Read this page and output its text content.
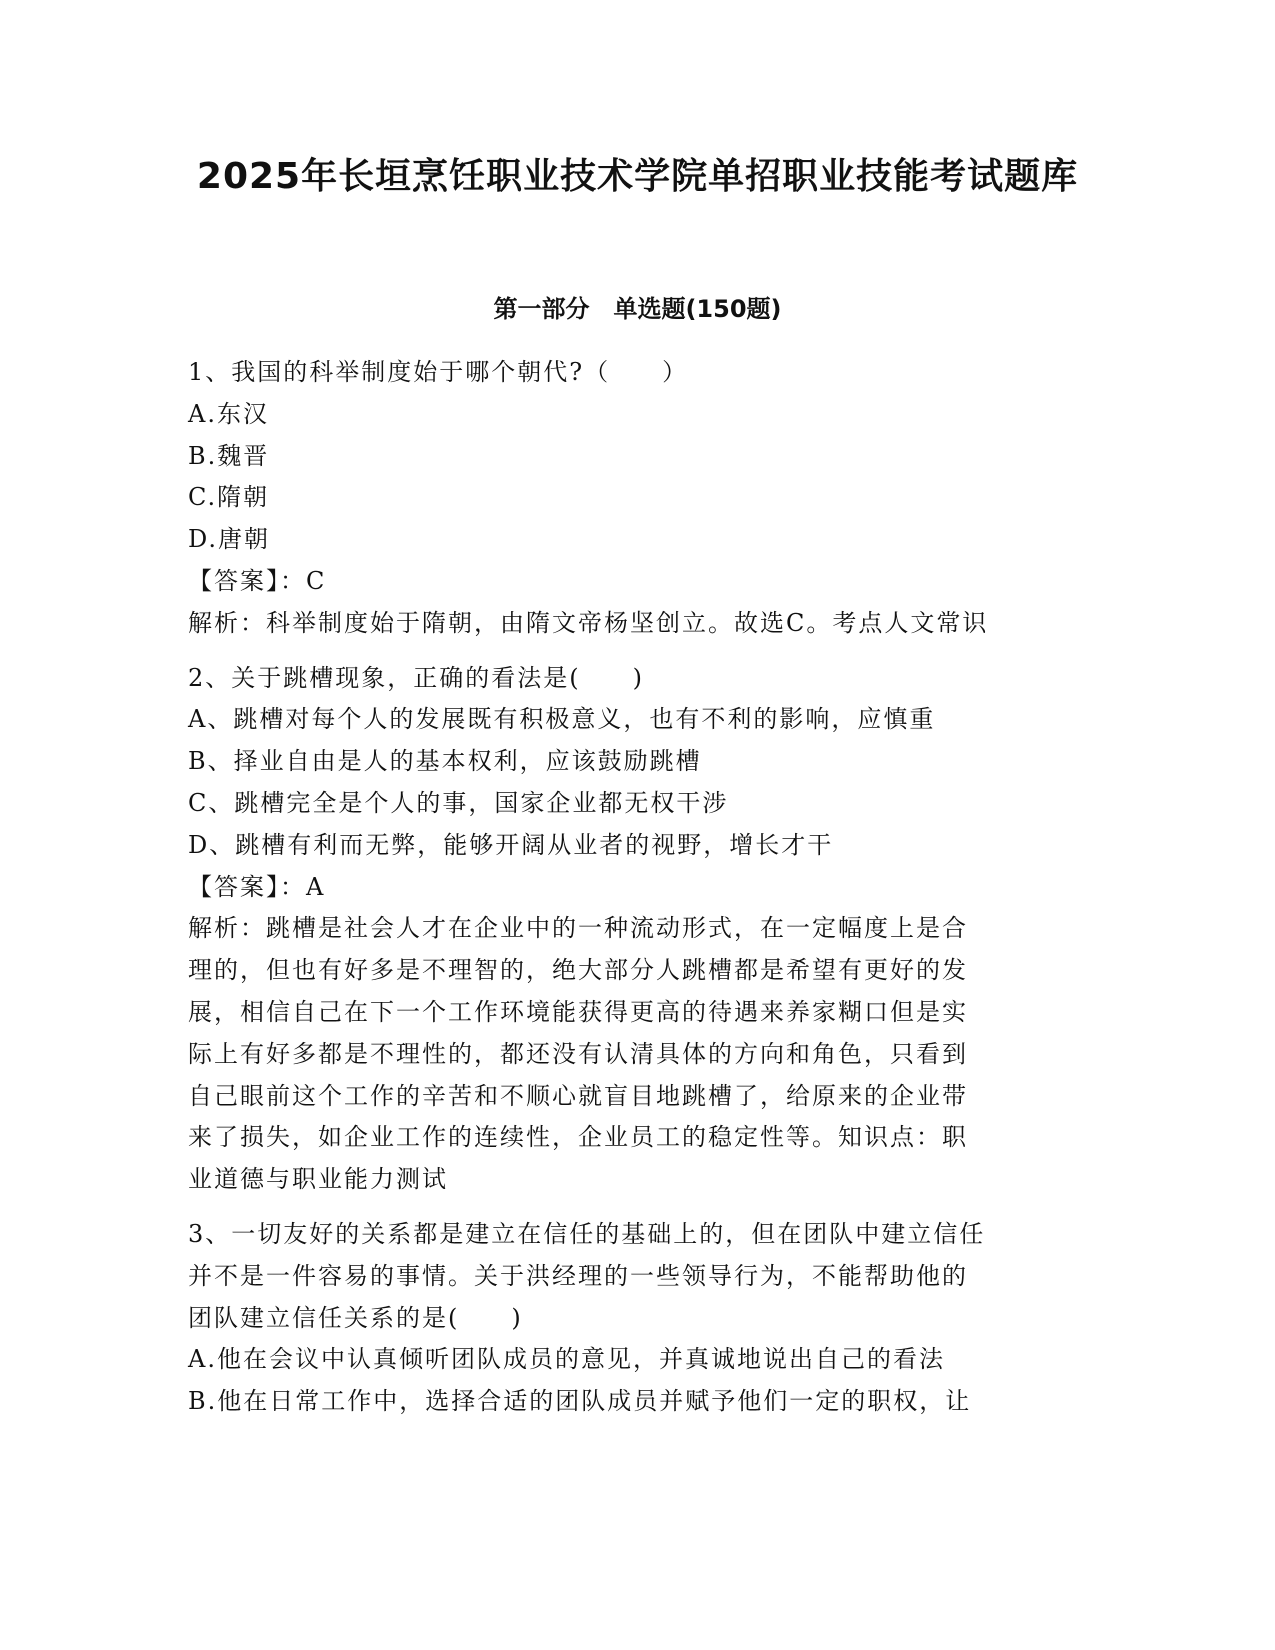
2025年长垣烹饪职业技术学院单招职业技能考试题库
第一部分　单选题(150题)
1、我国的科举制度始于哪个朝代?（　　）
A.东汉
B.魏晋
C.隋朝
D.唐朝
【答案】：C
解析：科举制度始于隋朝，由隋文帝杨坚创立。故选C。考点人文常识
2、关于跳槽现象，正确的看法是(　　)
A、跳槽对每个人的发展既有积极意义，也有不利的影响，应慎重
B、择业自由是人的基本权利，应该鼓励跳槽
C、跳槽完全是个人的事，国家企业都无权干涉
D、跳槽有利而无弊，能够开阔从业者的视野，增长才干
【答案】：A
解析：跳槽是社会人才在企业中的一种流动形式，在一定幅度上是合
理的，但也有好多是不理智的，绝大部分人跳槽都是希望有更好的发
展，相信自己在下一个工作环境能获得更高的待遇来养家糊口但是实
际上有好多都是不理性的，都还没有认清具体的方向和角色，只看到
自己眼前这个工作的辛苦和不顺心就盲目地跳槽了，给原来的企业带
来了损失，如企业工作的连续性，企业员工的稳定性等。知识点：职
业道德与职业能力测试
3、一切友好的关系都是建立在信任的基础上的，但在团队中建立信任
并不是一件容易的事情。关于洪经理的一些领导行为，不能帮助他的
团队建立信任关系的是(　　)
A.他在会议中认真倾听团队成员的意见，并真诚地说出自己的看法
B.他在日常工作中，选择合适的团队成员并赋予他们一定的职权，让
